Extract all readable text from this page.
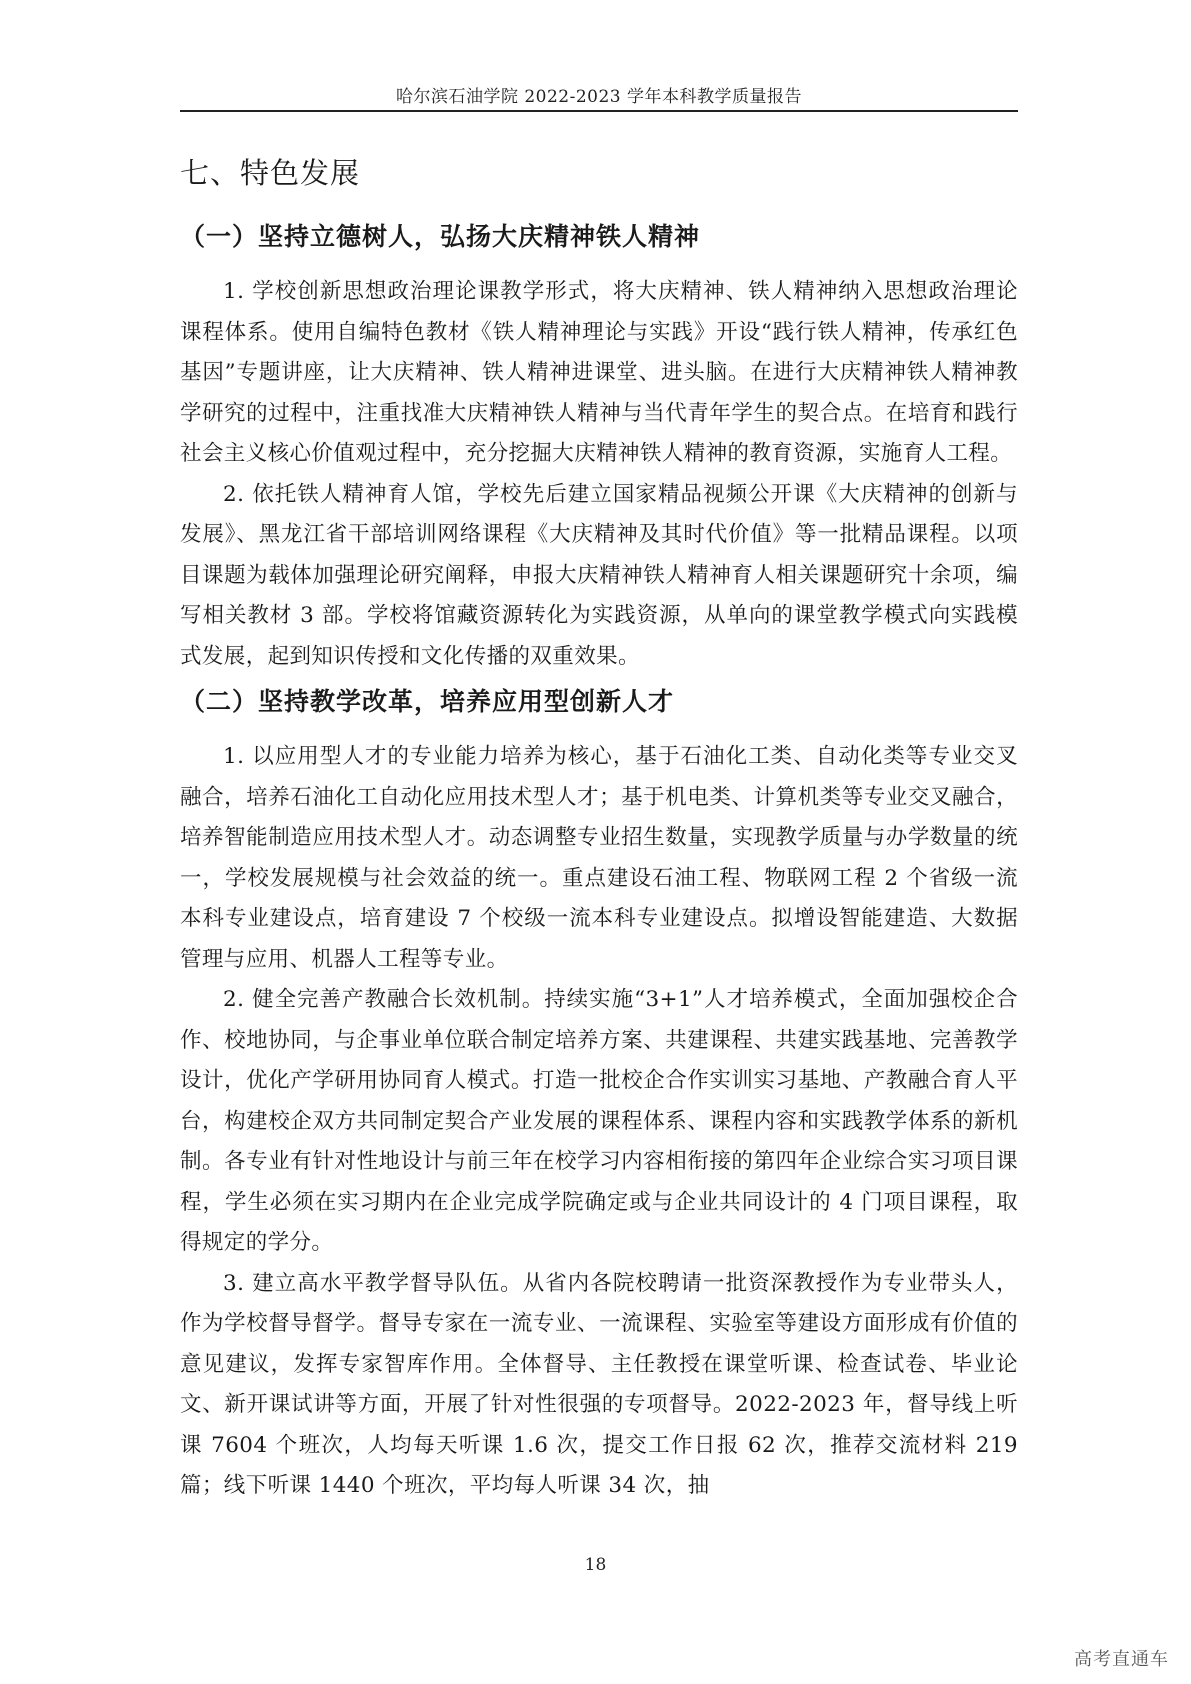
哈尔滨石油学院 2022-2023 学年本科教学质量报告
七、特色发展
（一）坚持立德树人，弘扬大庆精神铁人精神

1. 学校创新思想政治理论课教学形式，将大庆精神、铁人精神纳入思想政治理论课程体系。使用自编特色教材《铁人精神理论与实践》开设“践行铁人精神，传承红色基因”专题讲座，让大庆精神、铁人精神进课堂、进头脑。在进行大庆精神铁人精神教学研究的过程中，注重找准大庆精神铁人精神与当代青年学生的契合点。在培育和践行社会主义核心价值观过程中，充分挖掘大庆精神铁人精神的教育资源，实施育人工程。

2. 依托铁人精神育人馆，学校先后建立国家精品视频公开课《大庆精神的创新与发展》、黑龙江省干部培训网络课程《大庆精神及其时代价值》等一批精品课程。以项目课题为载体加强理论研究阐释，申报大庆精神铁人精神育人相关课题研究十余项，编写相关教材 3 部。学校将馆藏资源转化为实践资源，从单向的课堂教学模式向实践模式发展，起到知识传授和文化传播的双重效果。

（二）坚持教学改革，培养应用型创新人才

1. 以应用型人才的专业能力培养为核心，基于石油化工类、自动化类等专业交叉融合，培养石油化工自动化应用技术型人才；基于机电类、计算机类等专业交叉融合，培养智能制造应用技术型人才。动态调整专业招生数量，实现教学质量与办学数量的统一，学校发展规模与社会效益的统一。重点建设石油工程、物联网工程 2 个省级一流本科专业建设点，培育建设 7 个校级一流本科专业建设点。拟增设智能建造、大数据管理与应用、机器人工程等专业。

2. 健全完善产教融合长效机制。持续实施“3+1”人才培养模式，全面加强校企合作、校地协同，与企事业单位联合制定培养方案、共建课程、共建实践基地、完善教学设计，优化产学研用协同育人模式。打造一批校企合作实训实习基地、产教融合育人平台，构建校企双方共同制定契合产业发展的课程体系、课程内容和实践教学体系的新机制。各专业有针对性地设计与前三年在校学习内容相衔接的第四年企业综合实习项目课程，学生必须在实习期内在企业完成学院确定或与企业共同设计的 4 门项目课程，取得规定的学分。

3. 建立高水平教学督导队伍。从省内各院校聘请一批资深教授作为专业带头人，作为学校督导督学。督导专家在一流专业、一流课程、实验室等建设方面形成有价值的意见建议，发挥专家智库作用。全体督导、主任教授在课堂听课、检查试卷、毕业论文、新开课试讲等方面，开展了针对性很强的专项督导。2022-2023 年，督导线上听课 7604 个班次，人均每天听课 1.6 次，提交工作日报 62 次，推荐交流材料 219 篇；线下听课 1440 个班次，平均每人听课 34 次，抽

18
高考直通车
